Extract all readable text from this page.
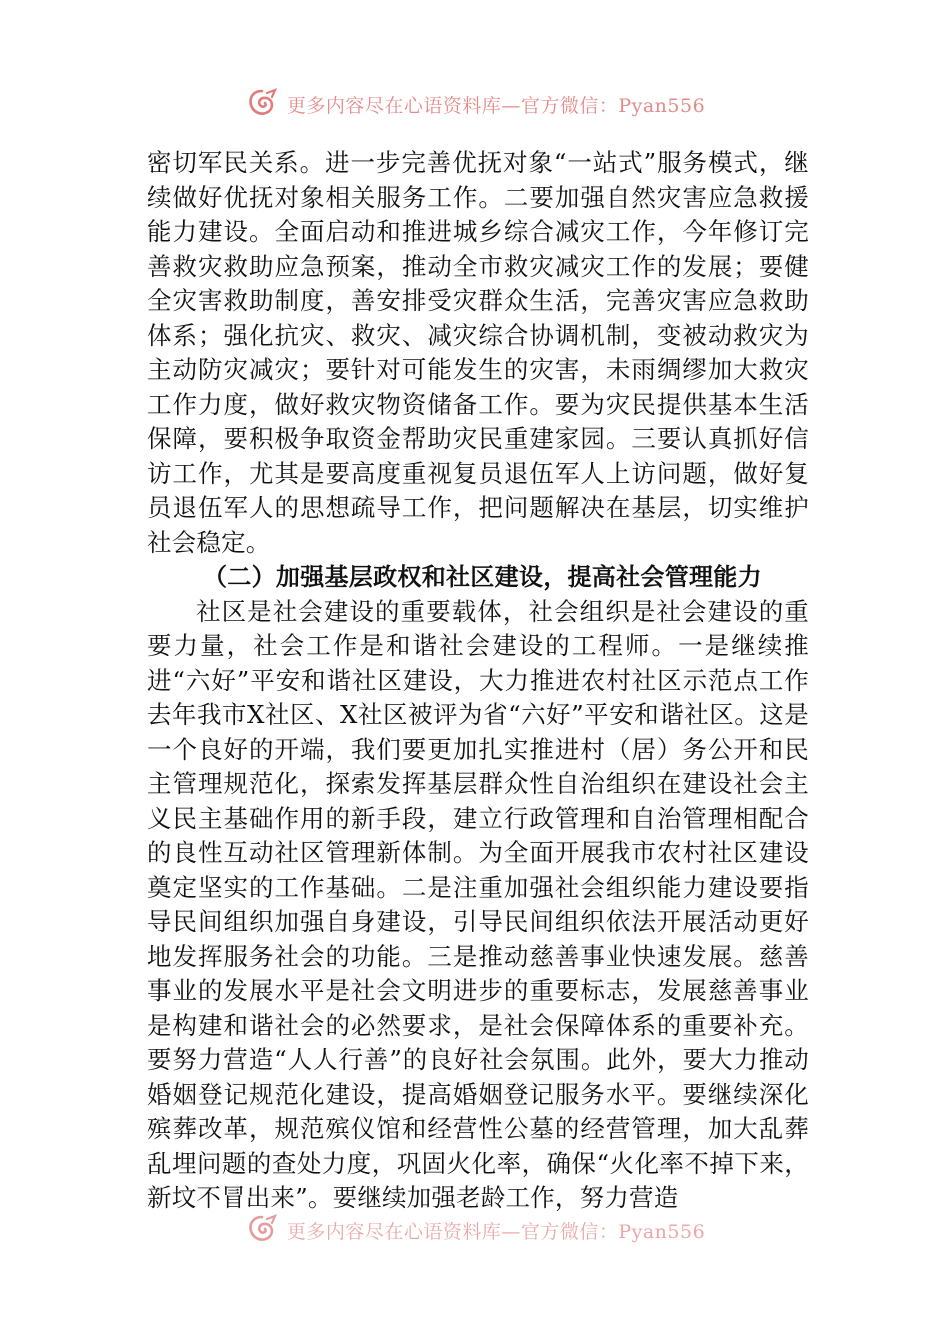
更多内容尽在心语资料库—官方微信：Pyan556

密切军民关系。进一步完善优抚对象“一站式”服务模式，继续做好优抚对象相关服务工作。二要加强自然灾害应急救援能力建设。全面启动和推进城乡综合减灾工作，今年修订完善救灾救助应急预案，推动全市救灾减灾工作的发展；要健全灾害救助制度，善安排受灾群众生活，完善灾害应急救助体系；强化抗灾、救灾、减灾综合协调机制，变被动救灾为主动防灾减灾；要针对可能发生的灾害，未雨绸缪加大救灾工作力度，做好救灾物资储备工作。要为灾民提供基本生活保障，要积极争取资金帮助灾民重建家园。三要认真抓好信访工作，尤其是要高度重视复员退伍军人上访问题，做好复员退伍军人的思想疏导工作，把问题解决在基层，切实维护社会稳定。

（二）加强基层政权和社区建设，提高社会管理能力

社区是社会建设的重要载体，社会组织是社会建设的重要力量，社会工作是和谐社会建设的工程师。一是继续推进“六好”平安和谐社区建设，大力推进农村社区示范点工作去年我市X社区、X社区被评为省“六好”平安和谐社区。这是一个良好的开端，我们要更加扎实推进村（居）务公开和民主管理规范化，探索发挥基层群众性自治组织在建设社会主义民主基础作用的新手段，建立行政管理和自治管理相配合的良性互动社区管理新体制。为全面开展我市农村社区建设奠定坚实的工作基础。二是注重加强社会组织能力建设要指导民间组织加强自身建设，引导民间组织依法开展活动更好地发挥服务社会的功能。三是推动慈善事业快速发展。慈善事业的发展水平是社会文明进步的重要标志，发展慈善事业是构建和谐社会的必然要求，是社会保障体系的重要补充。要努力营造“人人行善”的良好社会氛围。此外，要大力推动婚姻登记规范化建设，提高婚姻登记服务水平。要继续深化殡葬改革，规范殡仪馆和经营性公墓的经营管理，加大乱葬乱埋问题的查处力度，巩固火化率，确保“火化率不掉下来，新坟不冒出来”。要继续加强老龄工作，努力营造

更多内容尽在心语资料库—官方微信：Pyan556
